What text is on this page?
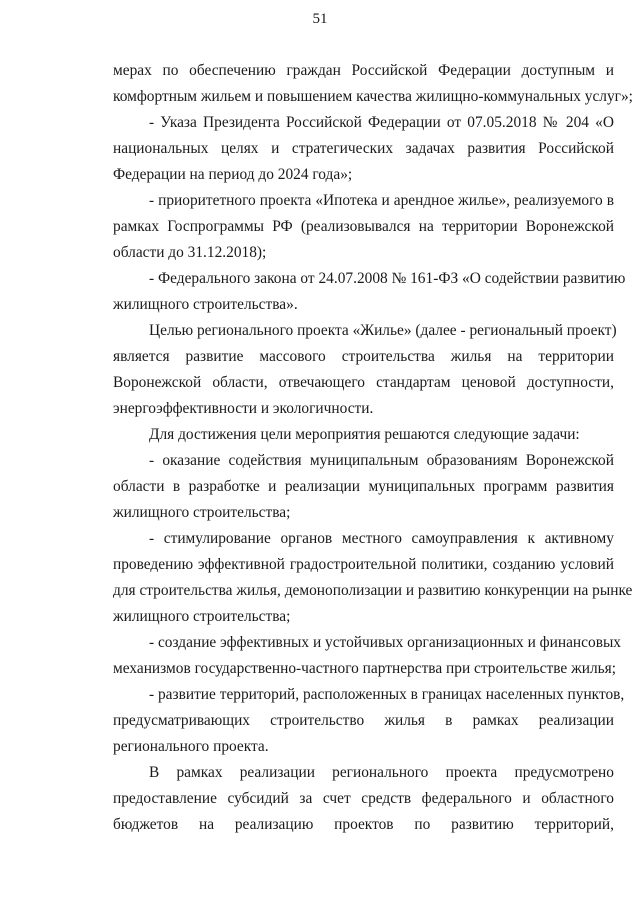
51
мерах по обеспечению граждан Российской Федерации доступным и
комфортным жильем и повышением качества жилищно-коммунальных услуг»;
- Указа Президента Российской Федерации от 07.05.2018 № 204 «О
национальных целях и стратегических задачах развития Российской
Федерации на период до 2024 года»;
- приоритетного проекта «Ипотека и арендное жилье», реализуемого в
рамках Госпрограммы РФ (реализовывался на территории Воронежской
области до 31.12.2018);
- Федерального закона от 24.07.2008 № 161-ФЗ «О содействии развитию
жилищного строительства».
Целью регионального проекта «Жилье» (далее - региональный проект)
является развитие массового строительства жилья на территории
Воронежской области, отвечающего стандартам ценовой доступности,
энергоэффективности и экологичности.
Для достижения цели мероприятия решаются следующие задачи:
- оказание содействия муниципальным образованиям Воронежской
области в разработке и реализации муниципальных программ развития
жилищного строительства;
- стимулирование органов местного самоуправления к активному
проведению эффективной градостроительной политики, созданию условий
для строительства жилья, демонополизации и развитию конкуренции на рынке
жилищного строительства;
- создание эффективных и устойчивых организационных и финансовых
механизмов государственно-частного партнерства при строительстве жилья;
- развитие территорий, расположенных в границах населенных пунктов,
предусматривающих строительство жилья в рамках реализации
регионального проекта.
В рамках реализации регионального проекта предусмотрено
предоставление субсидий за счет средств федерального и областного
бюджетов на реализацию проектов по развитию территорий,
